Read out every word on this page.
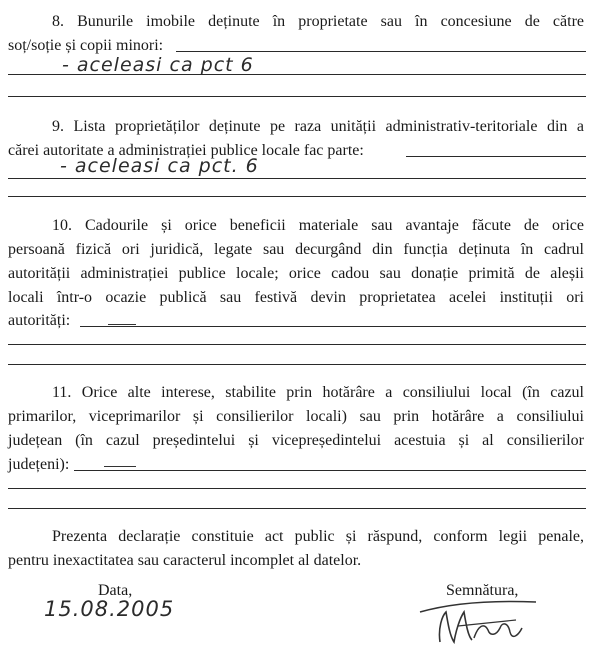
8. Bunurile imobile deținute în proprietate sau în concesiune de către
soț/soție și copii minori:
- aceleasi ca pct 6
9. Lista proprietăților deținute pe raza unității administrativ-teritoriale din a
cărei autoritate a administrației publice locale fac parte:
- aceleasi ca pct. 6
10. Cadourile și orice beneficii materiale sau avantaje făcute de orice
persoană fizică ori juridică, legate sau decurgând din funcția deținuta în cadrul
autorității administrației publice locale; orice cadou sau donație primită de aleșii
locali într-o ocazie publică sau festivă devin proprietatea acelei instituții ori
autorități:
11. Orice alte interese, stabilite prin hotărâre a consiliului local (în cazul
primarilor, viceprimarilor și consilierilor locali) sau prin hotărâre a consiliului
județean (în cazul președintelui și vicepreședintelui acestuia și al consilierilor
județeni):
Prezenta declarație constituie act public și răspund, conform legii penale,
pentru inexactitatea sau caracterul incomplet al datelor.
Data,
15.08.2005
Semnătura,
